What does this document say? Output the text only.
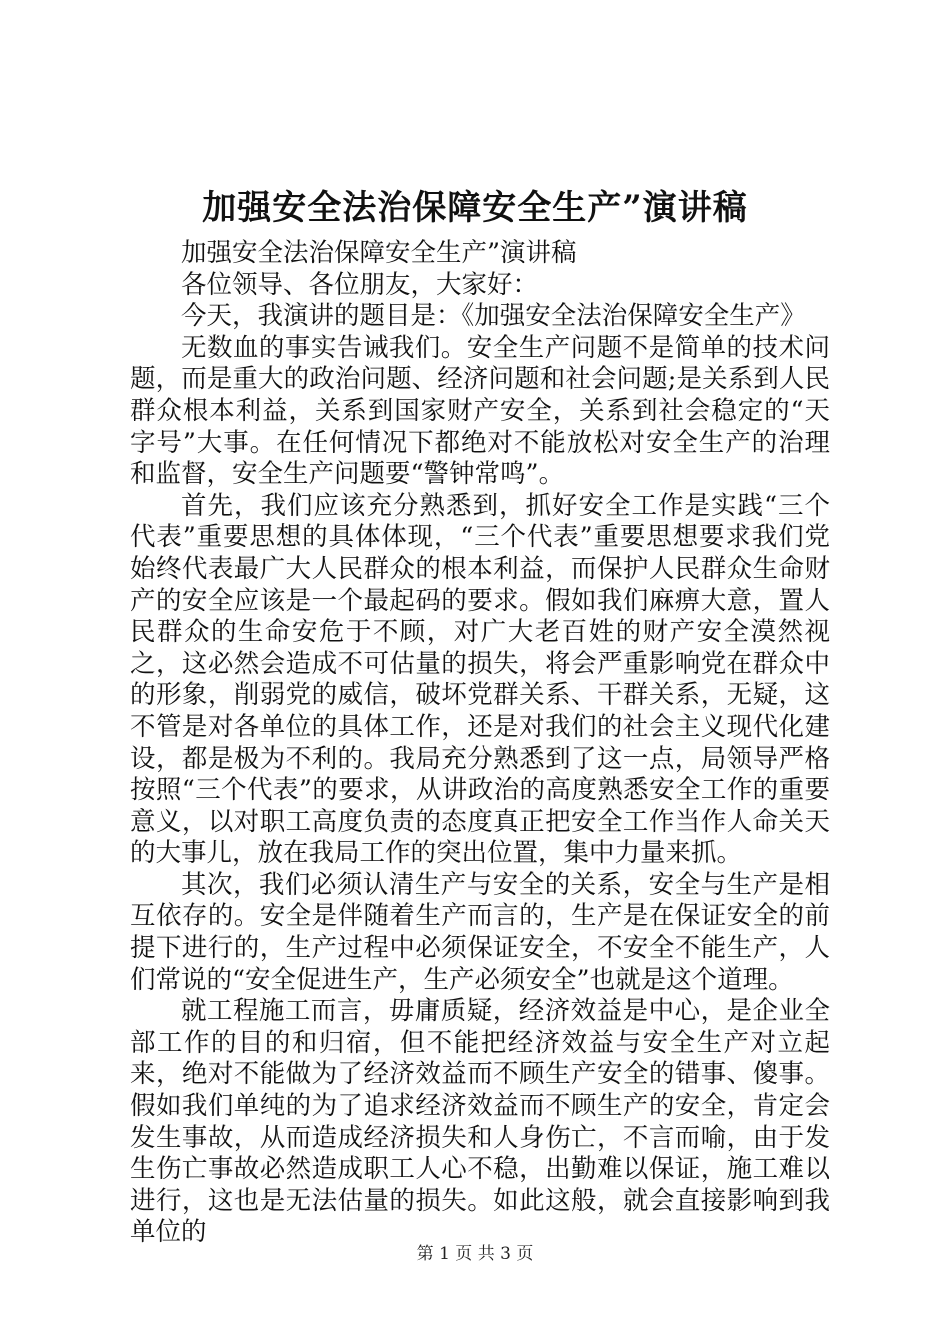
加强安全法治保障安全生产”演讲稿

加强安全法治保障安全生产”演讲稿

各位领导、各位朋友，大家好：

今天，我演讲的题目是：《加强安全法治保障安全生产》

无数血的事实告诫我们。安全生产问题不是简单的技术问题，而是重大的政治问题、经济问题和社会问题;是关系到人民群众根本利益，关系到国家财产安全，关系到社会稳定的“天字号”大事。在任何情况下都绝对不能放松对安全生产的治理和监督，安全生产问题要“警钟常鸣”。

首先，我们应该充分熟悉到，抓好安全工作是实践“三个代表”重要思想的具体体现，“三个代表”重要思想要求我们党始终代表最广大人民群众的根本利益，而保护人民群众生命财产的安全应该是一个最起码的要求。假如我们麻痹大意，置人民群众的生命安危于不顾，对广大老百姓的财产安全漠然视之，这必然会造成不可估量的损失，将会严重影响党在群众中的形象，削弱党的威信，破坏党群关系、干群关系，无疑，这不管是对各单位的具体工作，还是对我们的社会主义现代化建设，都是极为不利的。我局充分熟悉到了这一点，局领导严格按照“三个代表”的要求，从讲政治的高度熟悉安全工作的重要意义，以对职工高度负责的态度真正把安全工作当作人命关天的大事儿，放在我局工作的突出位置，集中力量来抓。

其次，我们必须认清生产与安全的关系，安全与生产是相互依存的。安全是伴随着生产而言的，生产是在保证安全的前提下进行的，生产过程中必须保证安全，不安全不能生产，人们常说的“安全促进生产，生产必须安全”也就是这个道理。

就工程施工而言，毋庸质疑，经济效益是中心，是企业全部工作的目的和归宿，但不能把经济效益与安全生产对立起来，绝对不能做为了经济效益而不顾生产安全的错事、傻事。假如我们单纯的为了追求经济效益而不顾生产的安全，肯定会发生事故，从而造成经济损失和人身伤亡，不言而喻，由于发生伤亡事故必然造成职工人心不稳，出勤难以保证，施工难以进行，这也是无法估量的损失。如此这般，就会直接影响到我单位的

第 1 页 共 3 页
